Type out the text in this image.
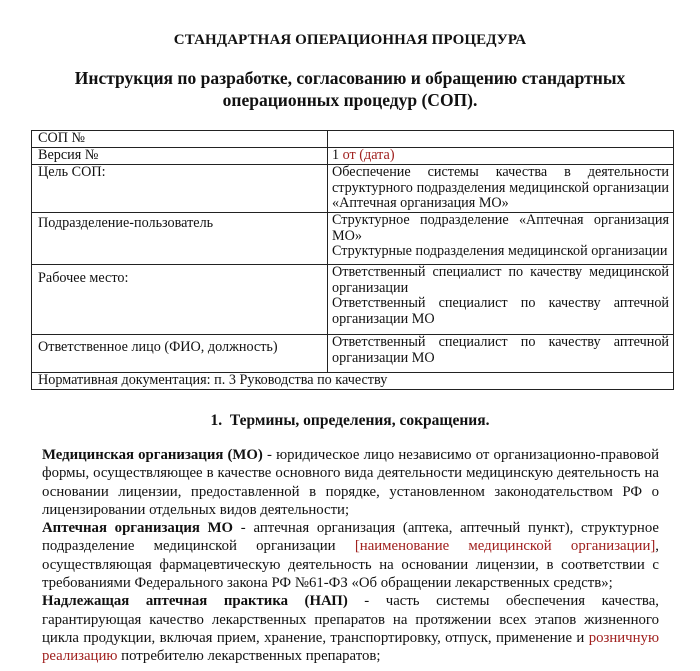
СТАНДАРТНАЯ ОПЕРАЦИОННАЯ ПРОЦЕДУРА
Инструкция по разработке, согласованию и обращению стандартных операционных процедур (СОП).
СОП №	
Версия №	1 от (дата)
Цель СОП:	Обеспечение системы качества в деятельности структурного подразделения медицинской организации «Аптечная организация МО»
Подразделение-пользователь	Структурное подразделение «Аптечная организация МО»
Структурные подразделения медицинской организации

Рабочее место:	Ответственный специалист по качеству медицинской организации
Ответственный специалист по качеству аптечной организации МО

Ответственное лицо (ФИО, должность)	Ответственный специалист по качеству аптечной организации МО
Нормативная документация: п. 3 Руководства по качеству	
1. Термины, определения, сокращения.

Медицинская организация (МО) - юридическое лицо независимо от организационно-правовой формы, осуществляющее в качестве основного вида деятельности медицинскую деятельность на основании лицензии, предоставленной в порядке, установленном законодательством РФ о лицензировании отдельных видов деятельности;

Аптечная организация МО - аптечная организация (аптека, аптечный пункт), структурное подразделение медицинской организации [наименование медицинской организации], осуществляющая фармацевтическую деятельность на основании лицензии, в соответствии с требованиями Федерального закона РФ №61-ФЗ «Об обращении лекарственных средств»;

Надлежащая аптечная практика (НАП) - часть системы обеспечения качества, гарантирующая качество лекарственных препаратов на протяжении всех этапов жизненного цикла продукции, включая прием, хранение, транспортировку, отпуск, применение и розничную реализацию потребителю лекарственных препаратов;
